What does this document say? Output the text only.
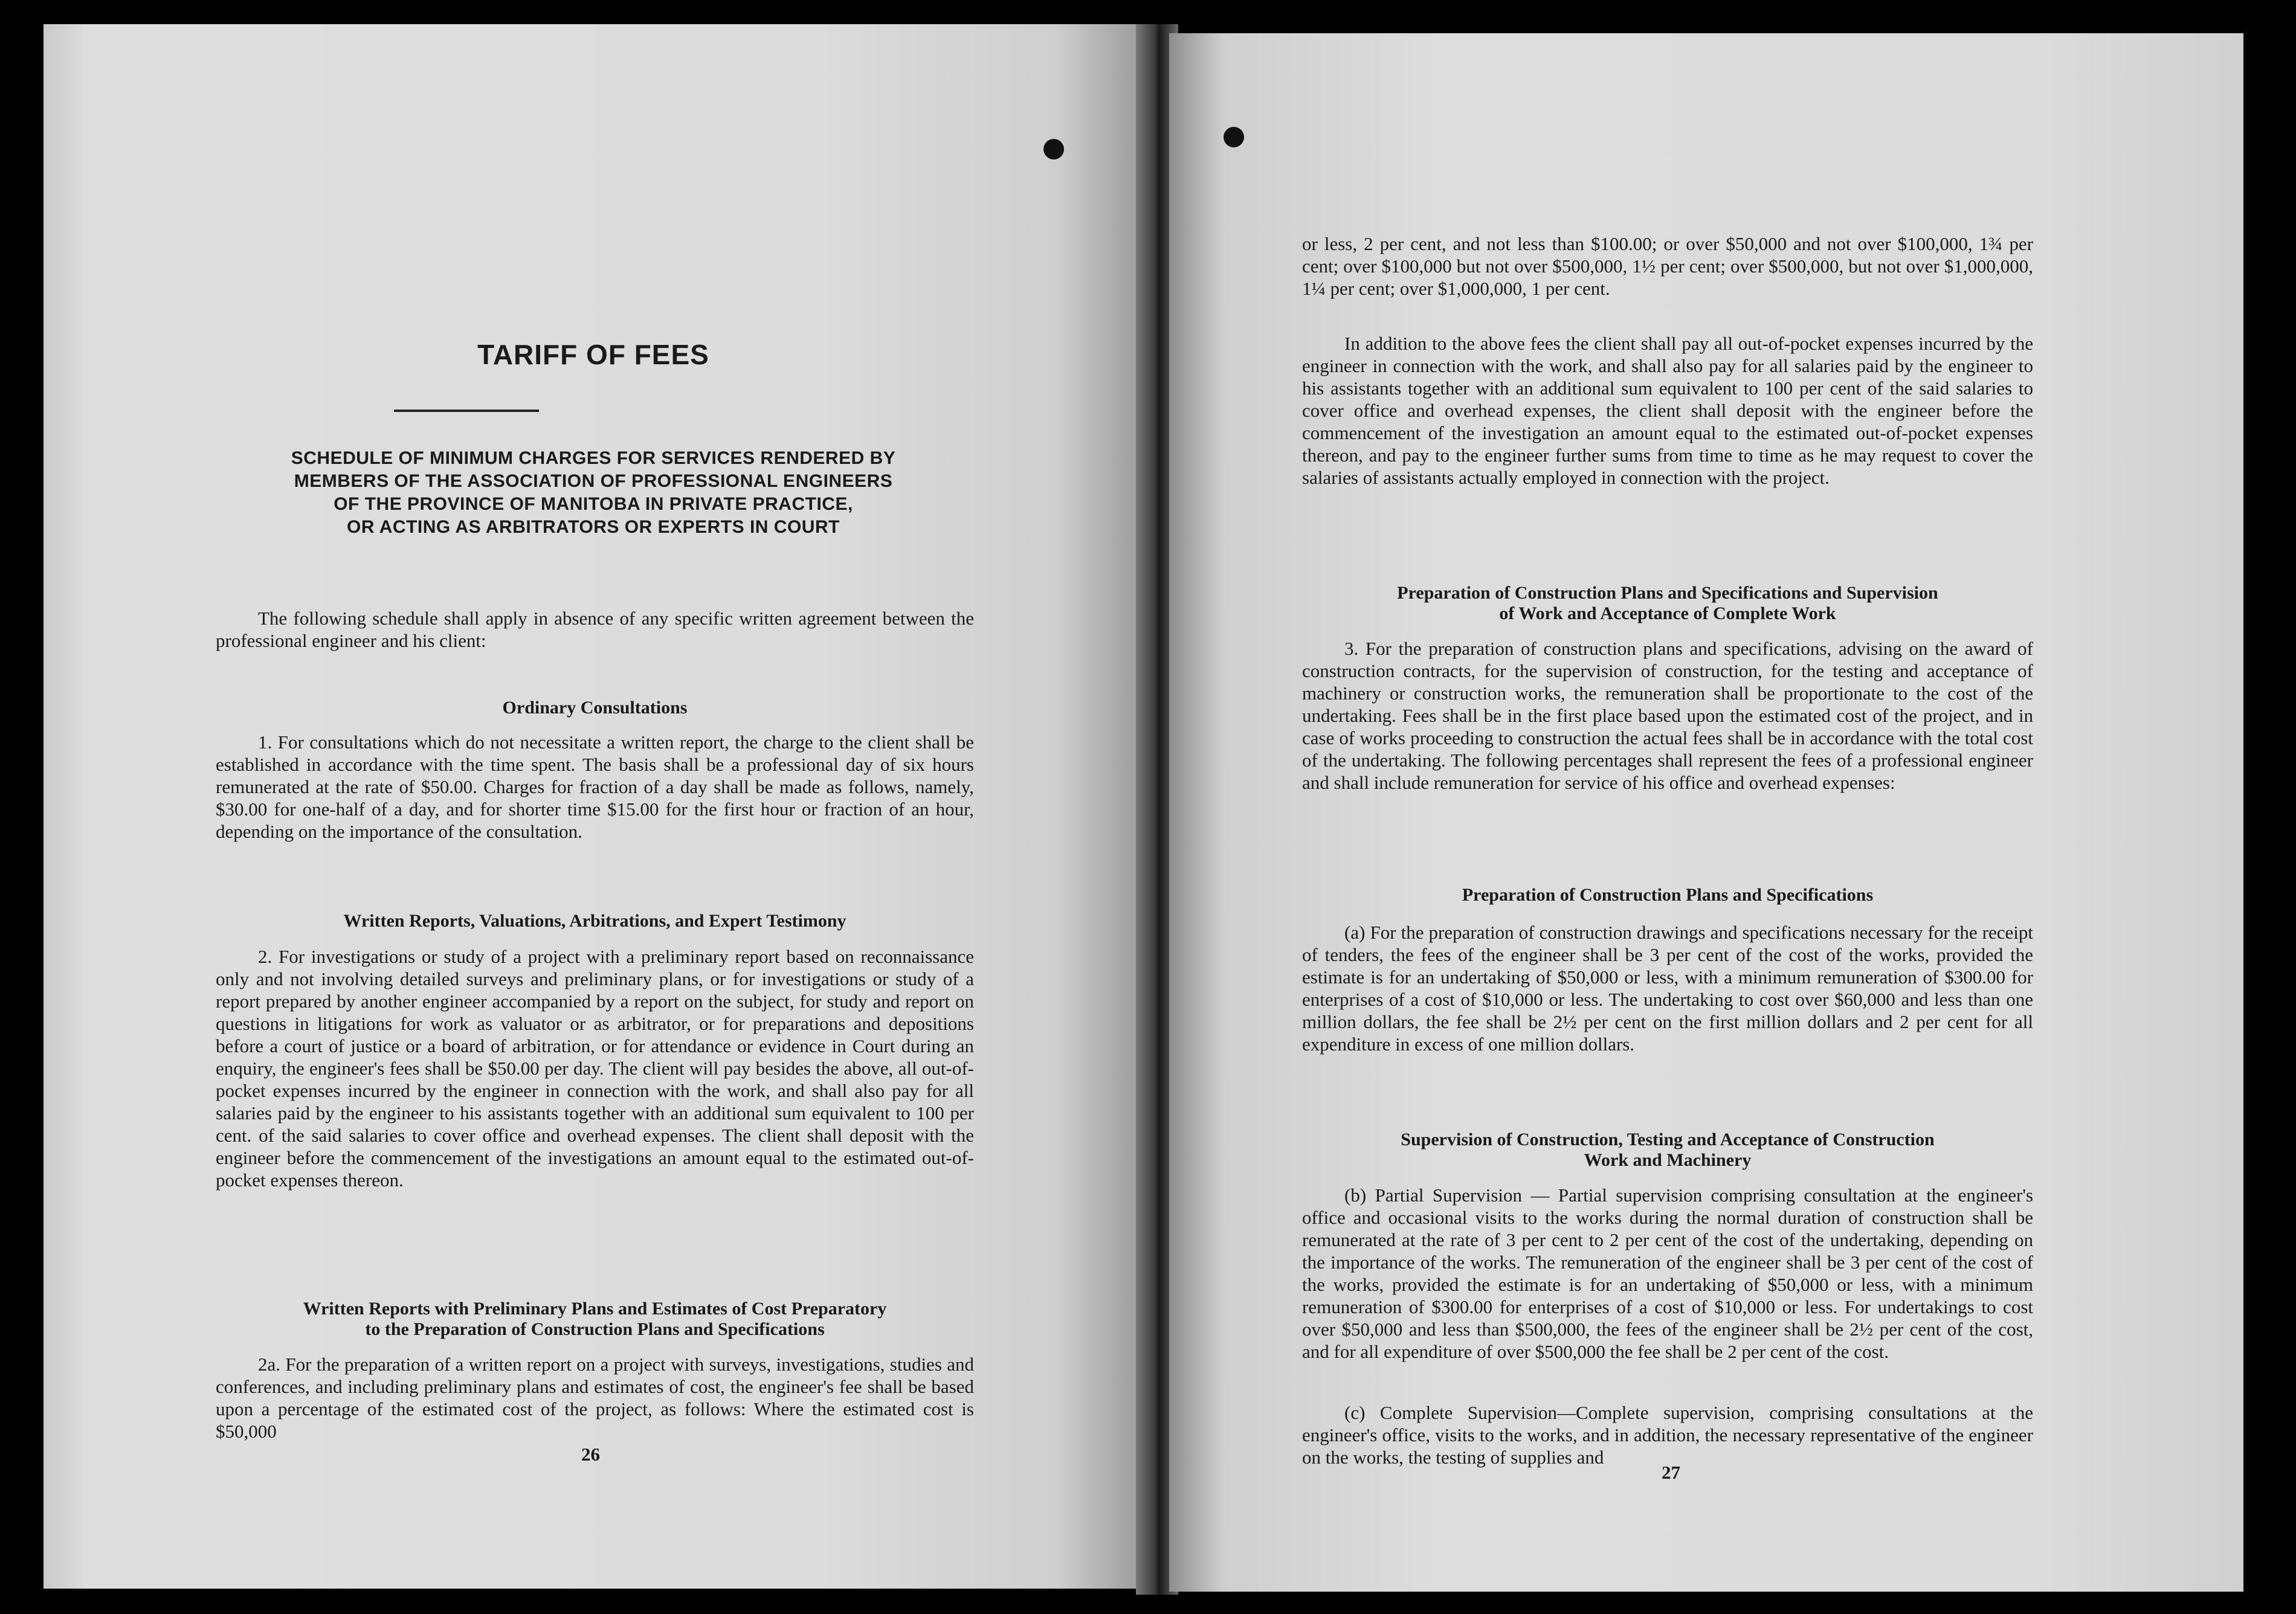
TARIFF OF FEES
SCHEDULE OF MINIMUM CHARGES FOR SERVICES RENDERED BY
MEMBERS OF THE ASSOCIATION OF PROFESSIONAL ENGINEERS
OF THE PROVINCE OF MANITOBA IN PRIVATE PRACTICE,
OR ACTING AS ARBITRATORS OR EXPERTS IN COURT

The following schedule shall apply in absence of any specific written agreement between the professional engineer and his client:

Ordinary Consultations

1. For consultations which do not necessitate a written report, the charge to the client shall be established in accordance with the time spent. The basis shall be a professional day of six hours remunerated at the rate of $50.00. Charges for fraction of a day shall be made as follows, namely, $30.00 for one-half of a day, and for shorter time $15.00 for the first hour or fraction of an hour, depending on the importance of the consultation.

Written Reports, Valuations, Arbitrations, and Expert Testimony

2. For investigations or study of a project with a preliminary report based on reconnaissance only and not involving detailed surveys and preliminary plans, or for investigations or study of a report prepared by another engineer accompanied by a report on the subject, for study and report on questions in litigations for work as valuator or as arbitrator, or for preparations and depositions before a court of justice or a board of arbitration, or for attendance or evidence in Court during an enquiry, the engineer's fees shall be $50.00 per day. The client will pay besides the above, all out-of-pocket expenses incurred by the engineer in connection with the work, and shall also pay for all salaries paid by the engineer to his assistants together with an additional sum equivalent to 100 per cent. of the said salaries to cover office and overhead expenses. The client shall deposit with the engineer before the commencement of the investigations an amount equal to the estimated out-of-pocket expenses thereon.

Written Reports with Preliminary Plans and Estimates of Cost Preparatory
to the Preparation of Construction Plans and Specifications

2a. For the preparation of a written report on a project with surveys, investigations, studies and conferences, and including preliminary plans and estimates of cost, the engineer's fee shall be based upon a percentage of the estimated cost of the project, as follows: Where the estimated cost is $50,000

26

or less, 2 per cent, and not less than $100.00; or over $50,000 and not over $100,000, 1¾ per cent; over $100,000 but not over $500,000, 1½ per cent; over $500,000, but not over $1,000,000, 1¼ per cent; over $1,000,000, 1 per cent.

In addition to the above fees the client shall pay all out-of-pocket expenses incurred by the engineer in connection with the work, and shall also pay for all salaries paid by the engineer to his assistants together with an additional sum equivalent to 100 per cent of the said salaries to cover office and overhead expenses, the client shall deposit with the engineer before the commencement of the investigation an amount equal to the estimated out-of-pocket expenses thereon, and pay to the engineer further sums from time to time as he may request to cover the salaries of assistants actually employed in connection with the project.

Preparation of Construction Plans and Specifications and Supervision
of Work and Acceptance of Complete Work

3. For the preparation of construction plans and specifications, advising on the award of construction contracts, for the supervision of construction, for the testing and acceptance of machinery or construction works, the remuneration shall be proportionate to the cost of the undertaking. Fees shall be in the first place based upon the estimated cost of the project, and in case of works proceeding to construction the actual fees shall be in accordance with the total cost of the undertaking. The following percentages shall represent the fees of a professional engineer and shall include remuneration for service of his office and overhead expenses:

Preparation of Construction Plans and Specifications

(a) For the preparation of construction drawings and specifications necessary for the receipt of tenders, the fees of the engineer shall be 3 per cent of the cost of the works, provided the estimate is for an undertaking of $50,000 or less, with a minimum remuneration of $300.00 for enterprises of a cost of $10,000 or less. The undertaking to cost over $60,000 and less than one million dollars, the fee shall be 2½ per cent on the first million dollars and 2 per cent for all expenditure in excess of one million dollars.

Supervision of Construction, Testing and Acceptance of Construction
Work and Machinery

(b) Partial Supervision — Partial supervision comprising consultation at the engineer's office and occasional visits to the works during the normal duration of construction shall be remunerated at the rate of 3 per cent to 2 per cent of the cost of the undertaking, depending on the importance of the works. The remuneration of the engineer shall be 3 per cent of the cost of the works, provided the estimate is for an undertaking of $50,000 or less, with a minimum remuneration of $300.00 for enterprises of a cost of $10,000 or less. For undertakings to cost over $50,000 and less than $500,000, the fees of the engineer shall be 2½ per cent of the cost, and for all expenditure of over $500,000 the fee shall be 2 per cent of the cost.

(c) Complete Supervision—Complete supervision, comprising consultations at the engineer's office, visits to the works, and in addition, the necessary representative of the engineer on the works, the testing of supplies and

27
